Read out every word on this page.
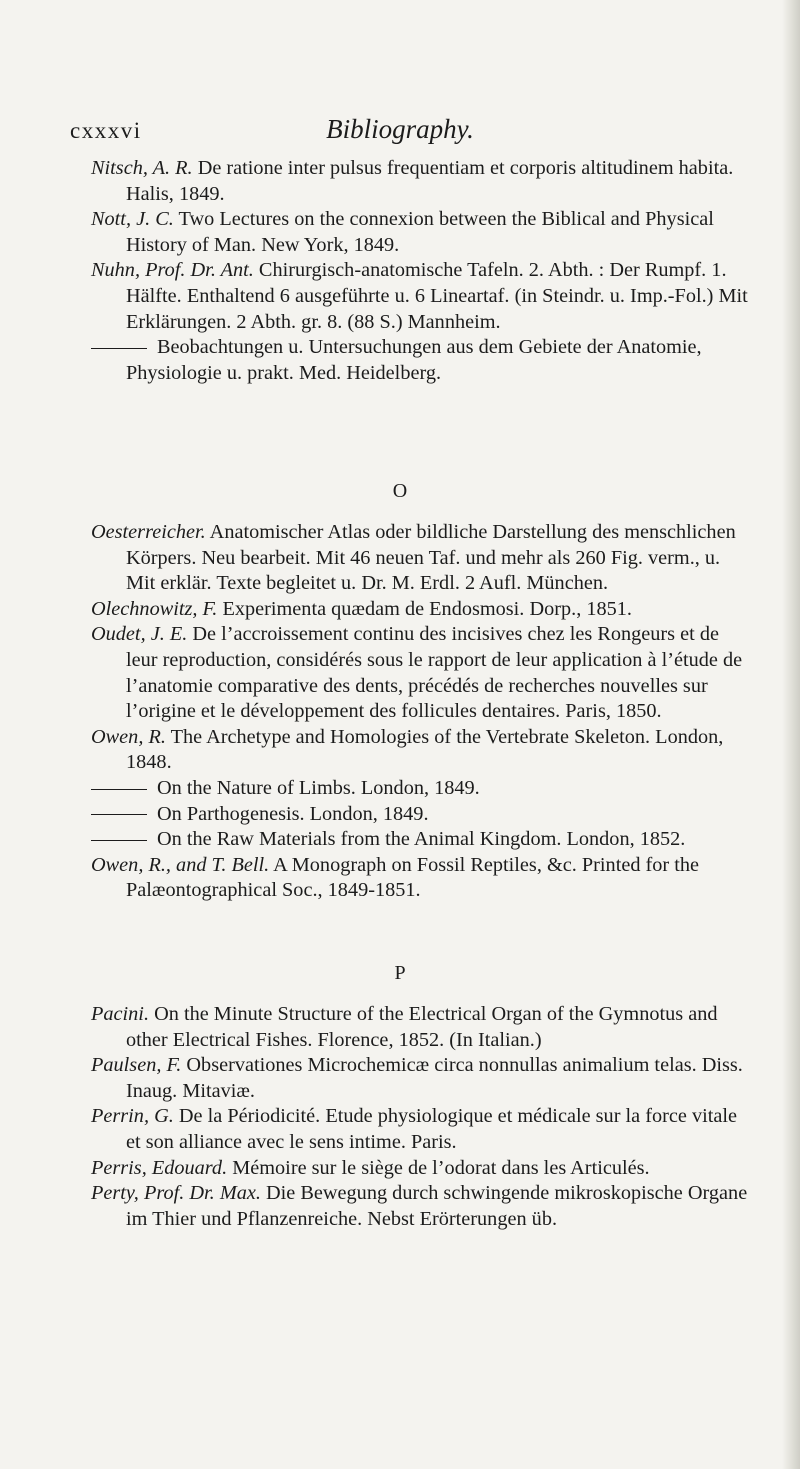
cxxxvi	Bibliography.
Nitsch, A. R. De ratione inter pulsus frequentiam et corporis altitudinem habita. Halis, 1849.
Nott, J. C. Two Lectures on the connexion between the Biblical and Physical History of Man. New York, 1849.
Nuhn, Prof. Dr. Ant. Chirurgisch-anatomische Tafeln. 2. Abth. : Der Rumpf. 1. Hälfte. Enthaltend 6 ausgeführte u. 6 Lineartaf. (in Steindr. u. Imp.-Fol.) Mit Erklärungen. 2 Abth. gr. 8. (88 S.) Mannheim.
Beobachtungen u. Untersuchungen aus dem Gebiete der Anatomie, Physiologie u. prakt. Med. Heidelberg.
O
Oesterreicher. Anatomischer Atlas oder bildliche Darstellung des menschlichen Körpers. Neu bearbeit. Mit 46 neuen Taf. und mehr als 260 Fig. verm., u. Mit erklär. Texte begleitet u. Dr. M. Erdl. 2 Aufl. München.
Olechnowitz, F. Experimenta quædam de Endosmosi. Dorp., 1851.
Oudet, J. E. De l’accroissement continu des incisives chez les Rongeurs et de leur reproduction, considérés sous le rapport de leur application à l’étude de l’anatomie comparative des dents, précédés de recherches nouvelles sur l’origine et le développement des follicules dentaires. Paris, 1850.
Owen, R. The Archetype and Homologies of the Vertebrate Skeleton. London, 1848.
On the Nature of Limbs. London, 1849.
On Parthogenesis. London, 1849.
On the Raw Materials from the Animal Kingdom. London, 1852.
Owen, R., and T. Bell. A Monograph on Fossil Reptiles, &c. Printed for the Palæontographical Soc., 1849-1851.
P
Pacini. On the Minute Structure of the Electrical Organ of the Gymnotus and other Electrical Fishes. Florence, 1852. (In Italian.)
Paulsen, F. Observationes Microchemicæ circa nonnullas animalium telas. Diss. Inaug. Mitaviæ.
Perrin, G. De la Périodicité. Etude physiologique et médicale sur la force vitale et son alliance avec le sens intime. Paris.
Perris, Edouard. Mémoire sur le siège de l’odorat dans les Articulés.
Perty, Prof. Dr. Max. Die Bewegung durch schwingende mikroskopische Organe im Thier und Pflanzenreiche. Nebst Erörterungen üb.
